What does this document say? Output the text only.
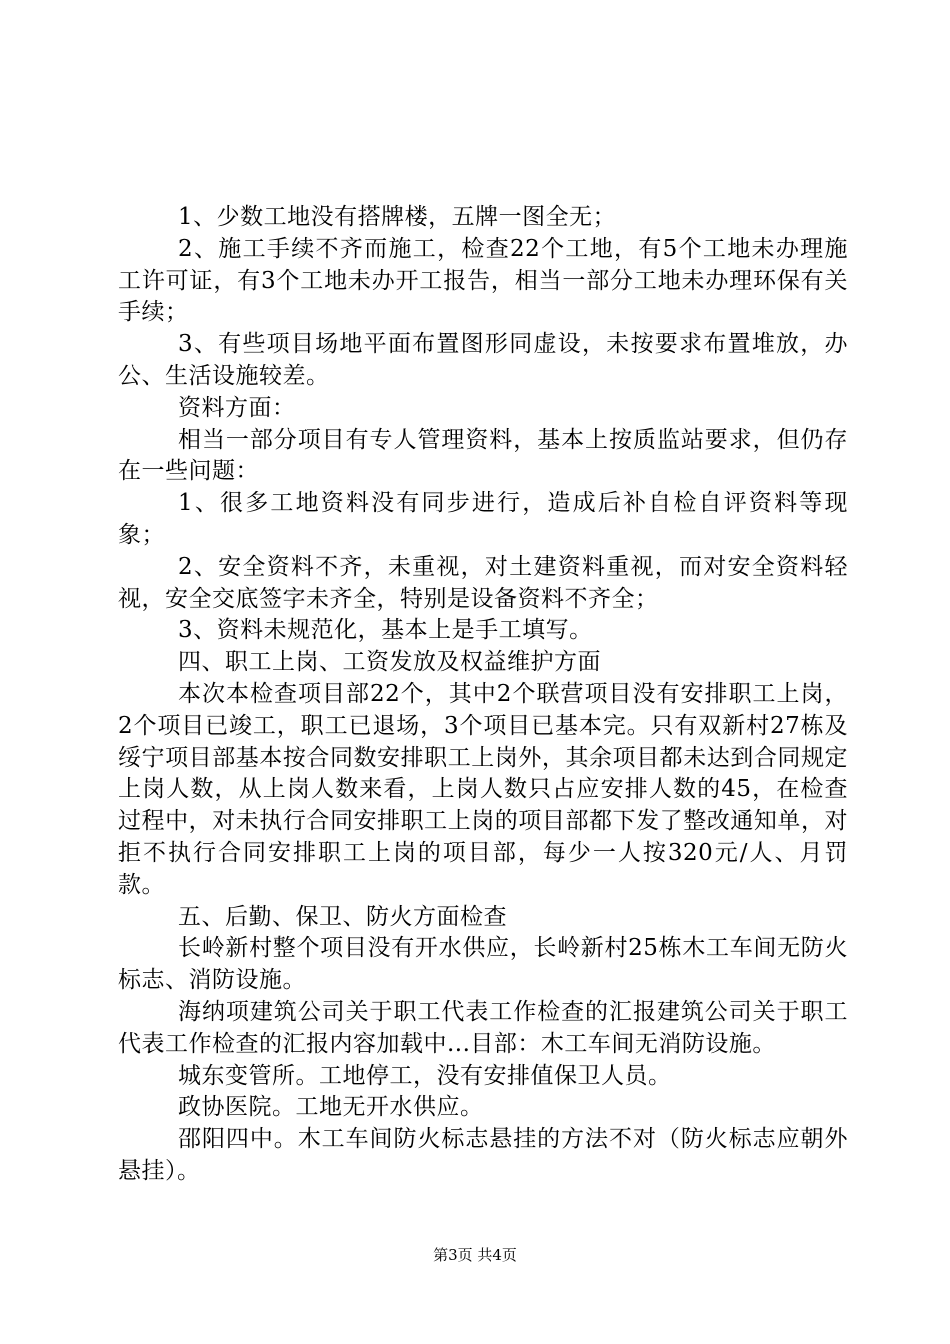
1、少数工地没有搭牌楼，五牌一图全无；

2、施工手续不齐而施工，检查22个工地，有5个工地未办理施工许可证，有3个工地未办开工报告，相当一部分工地未办理环保有关手续；

3、有些项目场地平面布置图形同虚设，未按要求布置堆放，办公、生活设施较差。

资料方面：

相当一部分项目有专人管理资料，基本上按质监站要求，但仍存在一些问题：

1、很多工地资料没有同步进行，造成后补自检自评资料等现象；

2、安全资料不齐，未重视，对土建资料重视，而对安全资料轻视，安全交底签字未齐全，特别是设备资料不齐全；

3、资料未规范化，基本上是手工填写。

四、职工上岗、工资发放及权益维护方面

本次本检查项目部22个，其中2个联营项目没有安排职工上岗，2个项目已竣工，职工已退场，3个项目已基本完。只有双新村27栋及绥宁项目部基本按合同数安排职工上岗外，其余项目都未达到合同规定上岗人数，从上岗人数来看，上岗人数只占应安排人数的45，在检查过程中，对未执行合同安排职工上岗的项目部都下发了整改通知单，对拒不执行合同安排职工上岗的项目部，每少一人按320元/人、月罚款。

五、后勤、保卫、防火方面检查

长岭新村整个项目没有开水供应，长岭新村25栋木工车间无防火标志、消防设施。

海纳项建筑公司关于职工代表工作检查的汇报建筑公司关于职工代表工作检查的汇报内容加载中...目部：木工车间无消防设施。

城东变管所。工地停工，没有安排值保卫人员。

政协医院。工地无开水供应。

邵阳四中。木工车间防火标志悬挂的方法不对（防火标志应朝外悬挂）。

第3页 共4页
